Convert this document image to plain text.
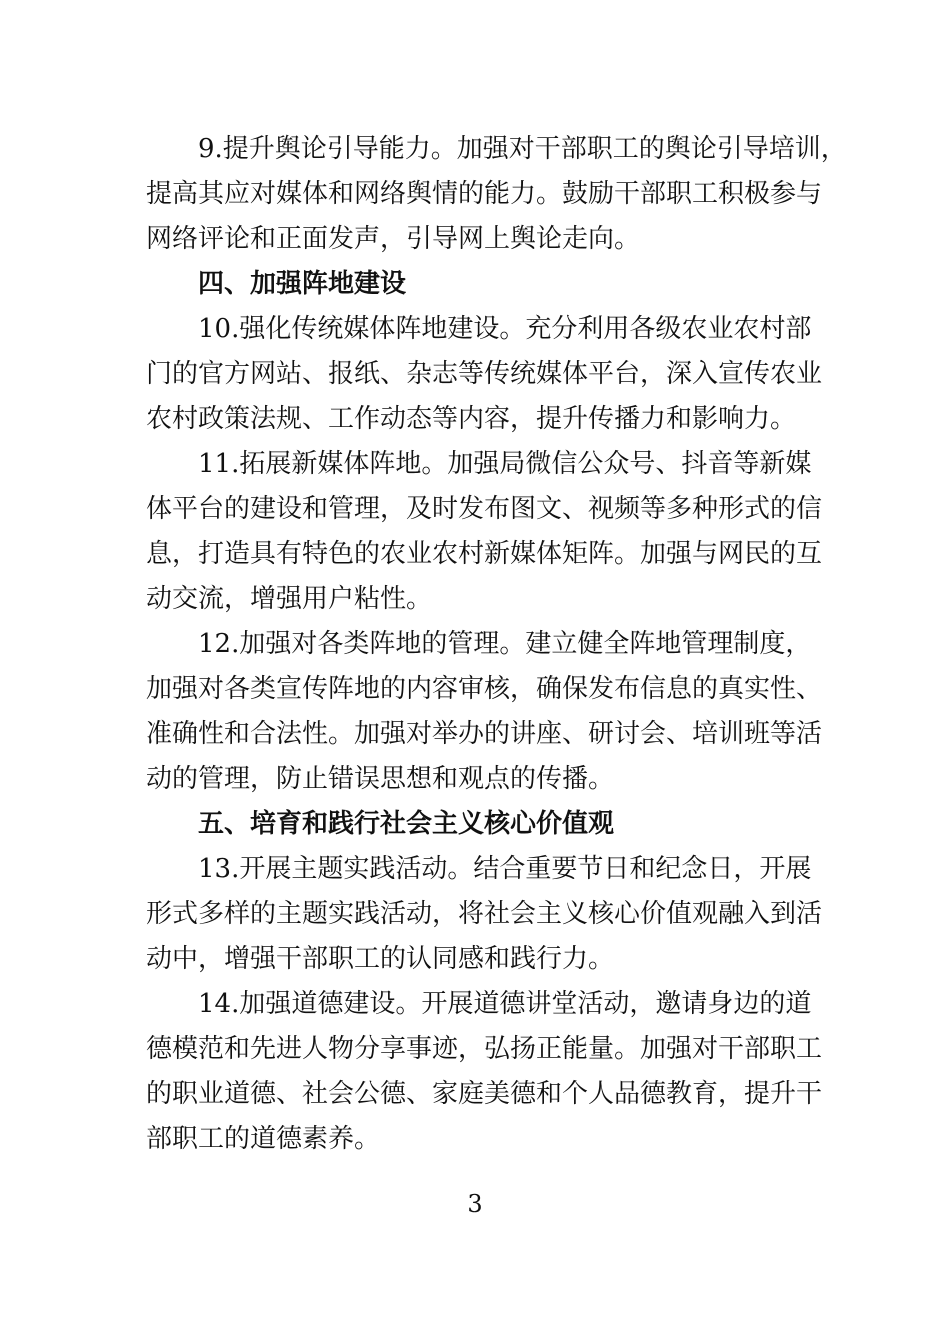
9.提升舆论引导能力。加强对干部职工的舆论引导培训，
提高其应对媒体和网络舆情的能力。鼓励干部职工积极参与
网络评论和正面发声，引导网上舆论走向。
四、加强阵地建设
10.强化传统媒体阵地建设。充分利用各级农业农村部
门的官方网站、报纸、杂志等传统媒体平台，深入宣传农业
农村政策法规、工作动态等内容，提升传播力和影响力。
11.拓展新媒体阵地。加强局微信公众号、抖音等新媒
体平台的建设和管理，及时发布图文、视频等多种形式的信
息，打造具有特色的农业农村新媒体矩阵。加强与网民的互
动交流，增强用户粘性。
12.加强对各类阵地的管理。建立健全阵地管理制度，
加强对各类宣传阵地的内容审核，确保发布信息的真实性、
准确性和合法性。加强对举办的讲座、研讨会、培训班等活
动的管理，防止错误思想和观点的传播。
五、培育和践行社会主义核心价值观
13.开展主题实践活动。结合重要节日和纪念日，开展
形式多样的主题实践活动，将社会主义核心价值观融入到活
动中，增强干部职工的认同感和践行力。
14.加强道德建设。开展道德讲堂活动，邀请身边的道
德模范和先进人物分享事迹，弘扬正能量。加强对干部职工
的职业道德、社会公德、家庭美德和个人品德教育，提升干
部职工的道德素养。
3
